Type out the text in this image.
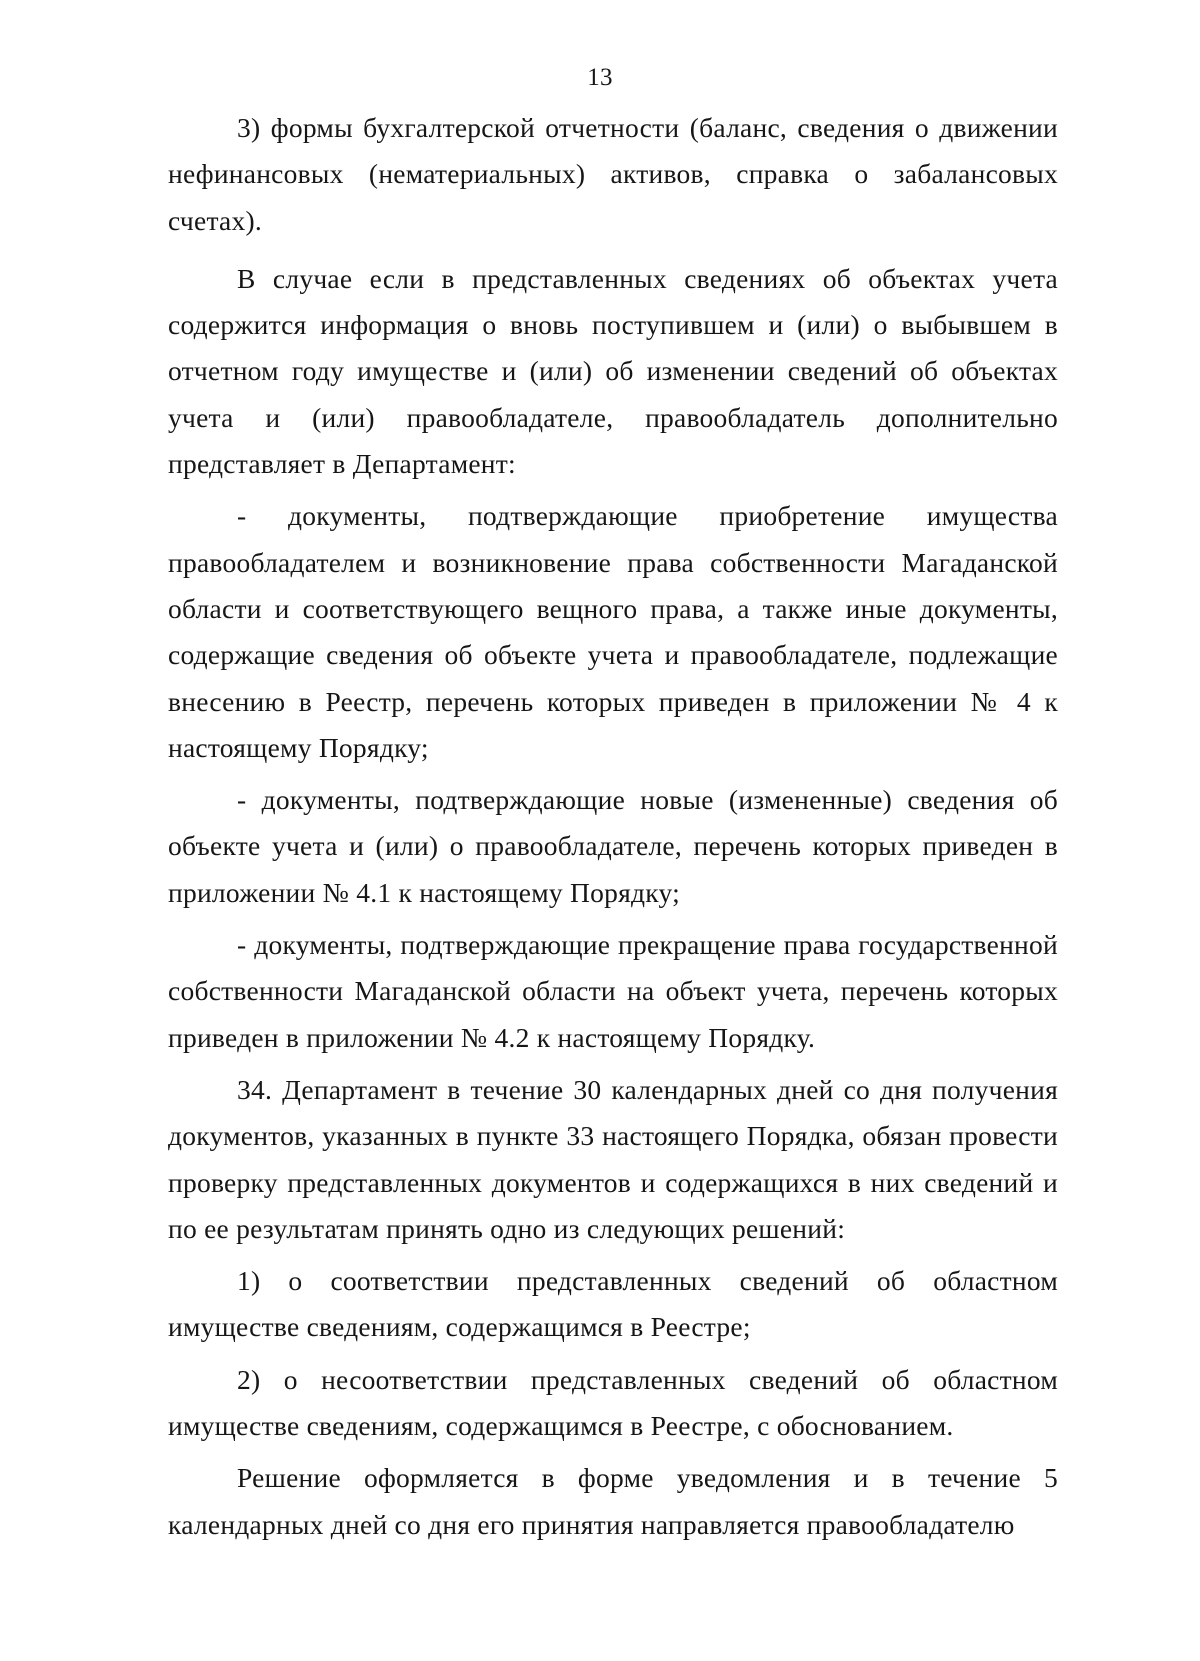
13

3) формы бухгалтерской отчетности (баланс, сведения о движении нефинансовых (нематериальных) активов, справка о забалансовых счетах).

В случае если в представленных сведениях об объектах учета содержится информация о вновь поступившем и (или) о выбывшем в отчетном году имуществе и (или) об изменении сведений об объектах учета и (или) правообладателе, правообладатель дополнительно представляет в Департамент:

- документы, подтверждающие приобретение имущества правообладателем и возникновение права собственности Магаданской области и соответствующего вещного права, а также иные документы, содержащие сведения об объекте учета и правообладателе, подлежащие внесению в Реестр, перечень которых приведен в приложении № 4 к настоящему Порядку;

- документы, подтверждающие новые (измененные) сведения об объекте учета и (или) о правообладателе, перечень которых приведен в приложении № 4.1 к настоящему Порядку;

- документы, подтверждающие прекращение права государственной собственности Магаданской области на объект учета, перечень которых приведен в приложении № 4.2 к настоящему Порядку.

34. Департамент в течение 30 календарных дней со дня получения документов, указанных в пункте 33 настоящего Порядка, обязан провести проверку представленных документов и содержащихся в них сведений и по ее результатам принять одно из следующих решений:

1) о соответствии представленных сведений об областном имуществе сведениям, содержащимся в Реестре;

2) о несоответствии представленных сведений об областном имуществе сведениям, содержащимся в Реестре, с обоснованием.

Решение оформляется в форме уведомления и в течение 5 календарных дней со дня его принятия направляется правообладателю
